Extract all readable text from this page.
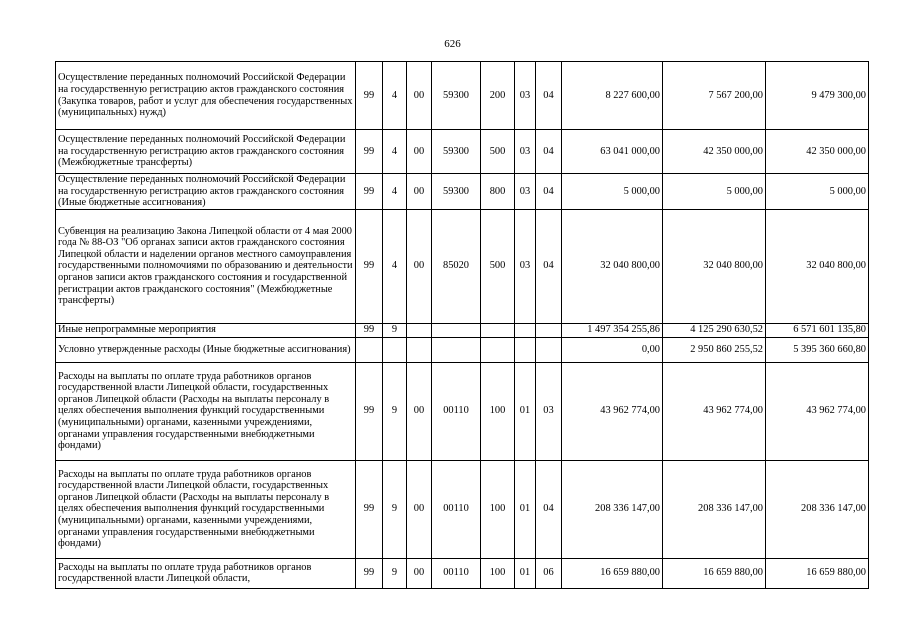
626
Осуществление переданных полномочий Российской Федерации на государственную регистрацию актов гражданского состояния (Закупка товаров, работ и услуг для обеспечения государственных (муниципальных) нужд)	99	4	00	59300	200	03	04	8 227 600,00	7 567 200,00	9 479 300,00
Осуществление переданных полномочий Российской Федерации на государственную регистрацию актов гражданского состояния (Межбюджетные трансферты)	99	4	00	59300	500	03	04	63 041 000,00	42 350 000,00	42 350 000,00
Осуществление переданных полномочий Российской Федерации на государственную регистрацию актов гражданского состояния (Иные бюджетные ассигнования)	99	4	00	59300	800	03	04	5 000,00	5 000,00	5 000,00
Субвенция на реализацию Закона Липецкой области от 4 мая 2000 года № 88-ОЗ "Об органах записи актов гражданского состояния Липецкой области и наделении органов местного самоуправления государственными полномочиями по образованию и деятельности органов записи актов гражданского состояния и государственной регистрации актов гражданского состояния" (Межбюджетные трансферты)	99	4	00	85020	500	03	04	32 040 800,00	32 040 800,00	32 040 800,00
Иные непрограммные мероприятия	99	9						1 497 354 255,86	4 125 290 630,52	6 571 601 135,80
Условно утвержденные расходы (Иные бюджетные ассигнования)								0,00	2 950 860 255,52	5 395 360 660,80
Расходы на выплаты по оплате труда работников органов государственной власти Липецкой области, государственных органов Липецкой области (Расходы на выплаты персоналу в целях обеспечения выполнения функций государственными (муниципальными) органами, казенными учреждениями, органами управления государственными внебюджетными фондами)	99	9	00	00110	100	01	03	43 962 774,00	43 962 774,00	43 962 774,00
Расходы на выплаты по оплате труда работников органов государственной власти Липецкой области, государственных органов Липецкой области (Расходы на выплаты персоналу в целях обеспечения выполнения функций государственными (муниципальными) органами, казенными учреждениями, органами управления государственными внебюджетными фондами)	99	9	00	00110	100	01	04	208 336 147,00	208 336 147,00	208 336 147,00
Расходы на выплаты по оплате труда работников органов государственной власти Липецкой области,	99	9	00	00110	100	01	06	16 659 880,00	16 659 880,00	16 659 880,00
